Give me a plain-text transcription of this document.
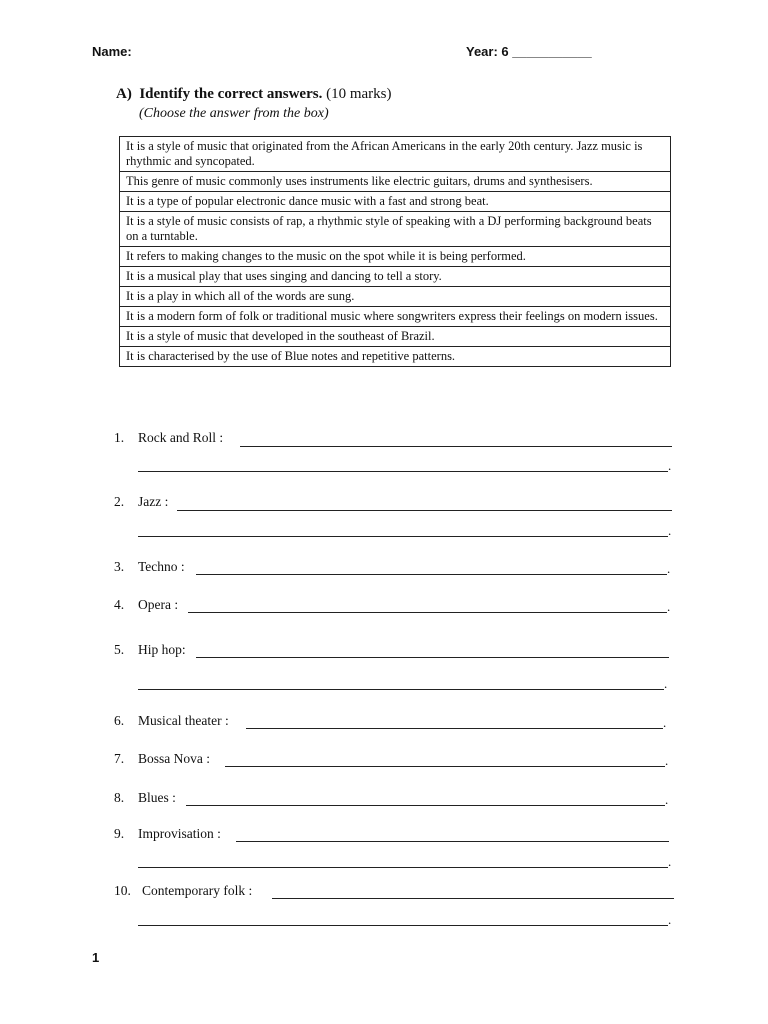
Name:	Year: 6 ___________
A) Identify the correct answers. (10 marks)
(Choose the answer from the box)
It is a style of music that originated from the African Americans in the early 20th century. Jazz music is rhythmic and syncopated.
This genre of music commonly uses instruments like electric guitars, drums and synthesisers.
It is a type of popular electronic dance music with a fast and strong beat.
It is a style of music consists of rap, a rhythmic style of speaking with a DJ performing background beats on a turntable.
It refers to making changes to the music on the spot while it is being performed.
It is a musical play that uses singing and dancing to tell a story.
It is a play in which all of the words are sung.
It is a modern form of folk or traditional music where songwriters express their feelings on modern issues.
It is a style of music that developed in the southeast of Brazil.
It is characterised by the use of Blue notes and repetitive patterns.
1. Rock and Roll :
.
2. Jazz :
.
3. Techno :	.
4. Opera :	.
5. Hip hop:
.
6. Musical theater :	.
7. Bossa Nova :	.
8. Blues :	.
9. Improvisation :
.
10. Contemporary folk :
.
1
